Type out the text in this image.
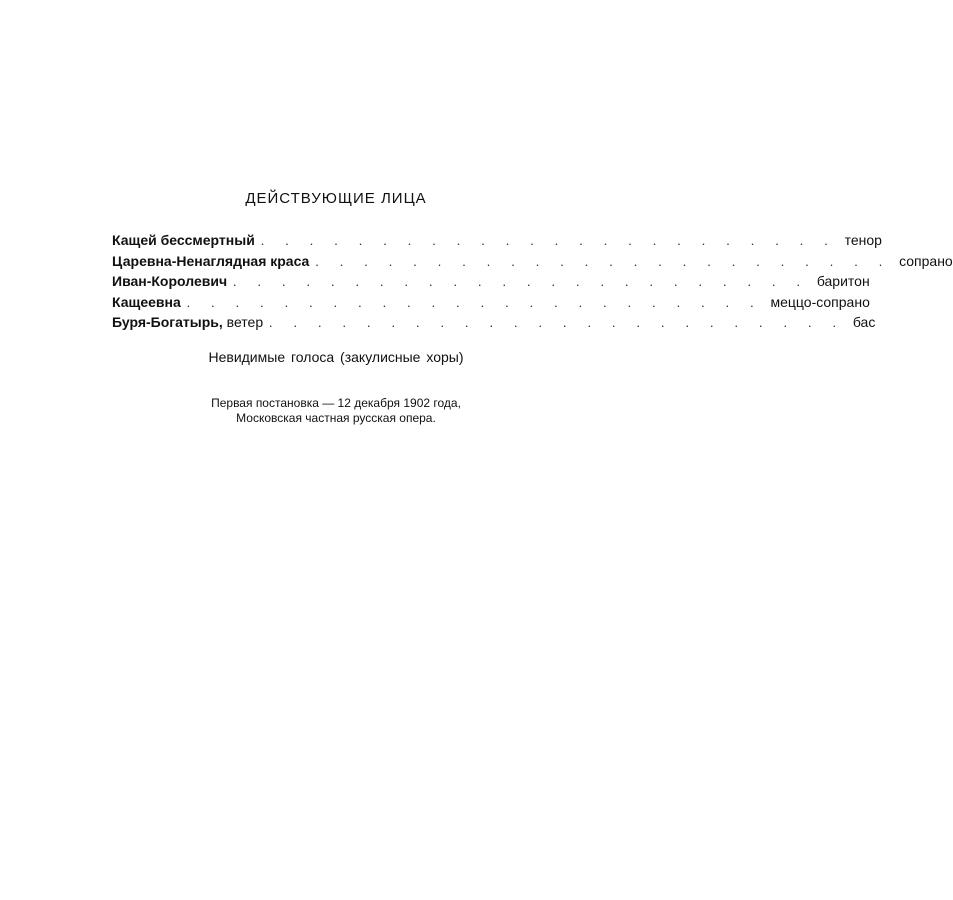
ДЕЙСТВУЮЩИЕ ЛИЦА
Кащей бессмертный . . . . . . . . . . . . . . . . . . . . . . . . тенор
Царевна-Ненаглядная краса . . . . . . . . . . . . . . . . . . . . . . . . сопрано
Иван-Королевич . . . . . . . . . . . . . . . . . . . . . . . . баритон
Кащеевна . . . . . . . . . . . . . . . . . . . . . . . . меццо-сопрано
Буря-Богатырь, ветер . . . . . . . . . . . . . . . . . . . . . . . . бас
Невидимые голоса (закулисные хоры)
Первая постановка — 12 декабря 1902 года,
Московская частная русская опера.
